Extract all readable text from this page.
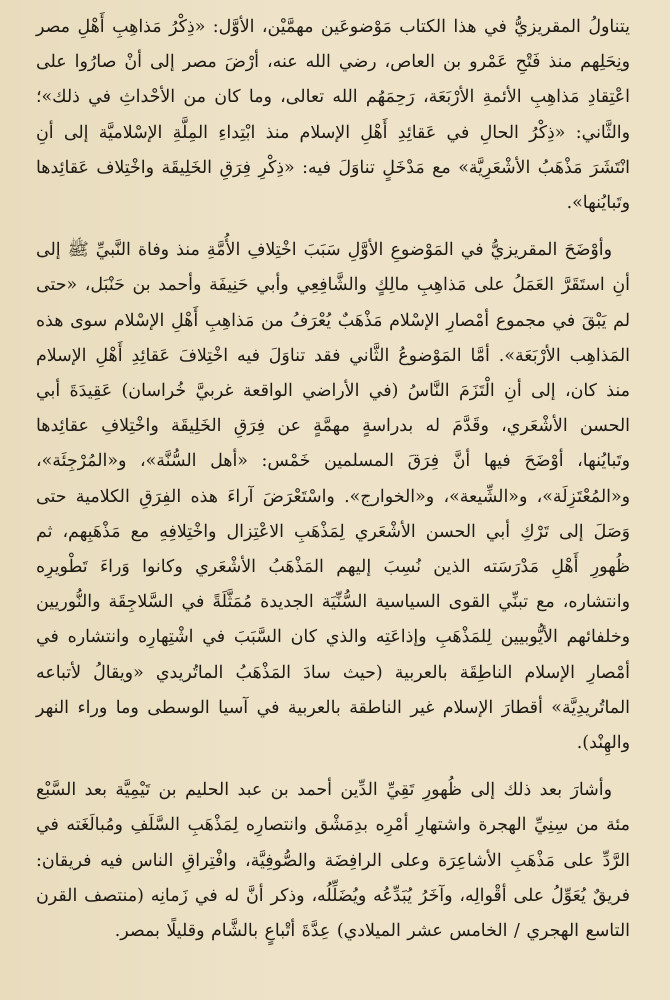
يتناولُ المقريزيُّ في هذا الكتاب مَوْضوعَين مهمَّيْن، الأوَّل: «ذِكْرُ مَذاهِبِ أَهْلِ مصر ونِحَلِهم منذ فَتْحِ عَمْرو بن العاص، رضي الله عنه، أرْضَ مصر إلى أنْ صارُوا على اعْتِقادِ مَذاهِبِ الأئمةِ الأرْبَعَة، رَحِمَهُم الله تعالى، وما كان من الأحْداثِ في ذلك»؛ والثَّاني: «ذِكْرُ الحالِ في عَقائِدِ أَهْلِ الإسلام منذ ابْتِداءِ المِلَّةِ الإسْلاميَّة إلى أنِ انْتَشَرَ مَذْهَبُ الأشْعَرِيَّة» مع مَدْخَلٍ تناوَلَ فيه: «ذِكْرِ فِرَقِ الخَلِيقَة واخْتِلاف عَقائِدها وتَبايُنها».

وأوْضَحَ المقريزيُّ في المَوْضوعِ الأوَّلِ سَبَبَ اخْتِلافِ الأُمَّةِ منذ وفاة النَّبيِّ ﷺ إلى أنِ استَقَرَّ العَمَلُ على مَذاهِبِ مالِكٍ والشَّافِعِي وأبي حَنِيفَة وأحمد بن حَنْبَل، «حتى لم يَبْقَ في مجموع أمْصارِ الإسْلام مَذْهَبٌ يُعْرَفُ من مَذاهِبِ أَهْلِ الإسْلام سوى هذه المَذاهِب الأرْبَعَة». أمَّا المَوْضوعُ الثَّاني فقد تناوَلَ فيه اخْتِلافَ عَقائِدِ أَهْلِ الإسلام منذ كان، إلى أنِ الْتَزَمَ النَّاسُ (في الأراضي الواقعة غربيَّ خُراسان) عَقِيدَةَ أبي الحسن الأشْعَري، وقَدَّمَ له بدراسةٍ مهمَّةٍ عن فِرَقِ الخَلِيقَة واخْتِلافِ عقائِدها وتَبايُنها، أوْضَحَ فيها أنَّ فِرَقَ المسلمين خَمْس: «أهل السُّنَّة»، و«المُرْجِئَة»، و«المُعْتَزِلَة»، و«الشِّيعة»، و«الخوارج». واسْتَعْرَضَ آراءَ هذه الفِرَقِ الكلامية حتى وَصَلَ إلى تَرْكِ أبي الحسن الأشْعَري لِمَذْهَبِ الاعْتِزال واخْتِلافِهِ مع مَذْهَبِهم، ثم ظُهورِ أَهْلِ مَدْرَسَته الذين نُسِبَ إليهم المَذْهَبُ الأشْعَري وكانوا وَراءَ تَطْويرِه وانتشاره، مع تبنِّي القوى السياسية السُّنِّيَة الجديدة مُمَثَّلَةً في السَّلاجِقَة والنُّوريين وخلفائهم الأيُّوبيين لِلمَذْهَبِ وإذاعَتِه والذي كان السَّبَبَ في اشْتِهارِه وانتشاره في أمْصارِ الإسلام الناطِقَة بالعربية (حيث سادَ المَذْهَبُ الماتُريدي «ويقالُ لأتباعه الماتُريدِيَّة» أقطارَ الإسلام غير الناطقة بالعربية في آسيا الوسطى وما وراء النهر والهِنْد).

وأشارَ بعد ذلك إلى ظُهورِ تَقِيِّ الدِّين أحمد بن عبد الحليم بن تَيْمِيَّة بعد السَّبْع مئة من سِنِيِّ الهجرة واشتهارِ أمْرِه بدِمَشْق وانتصارِه لِمَذْهَبِ السَّلَفِ ومُبالَغَته في الرَّدِّ على مَذْهَبِ الأشاعِرَة وعلى الرافِضَة والصُّوفِيَّة، وافْتِراقِ الناس فيه فريقان: فريقٌ يُعَوِّلُ على أقْوالِه، وآخَرُ يُبَدِّعُه ويُضَلِّلُه، وذكر أنَّ له في زَمانِه (منتصف القرن التاسع الهجري / الخامس عشر الميلادي) عِدَّةَ أتْباعٍ بالشَّام وقليلًا بمصر.
